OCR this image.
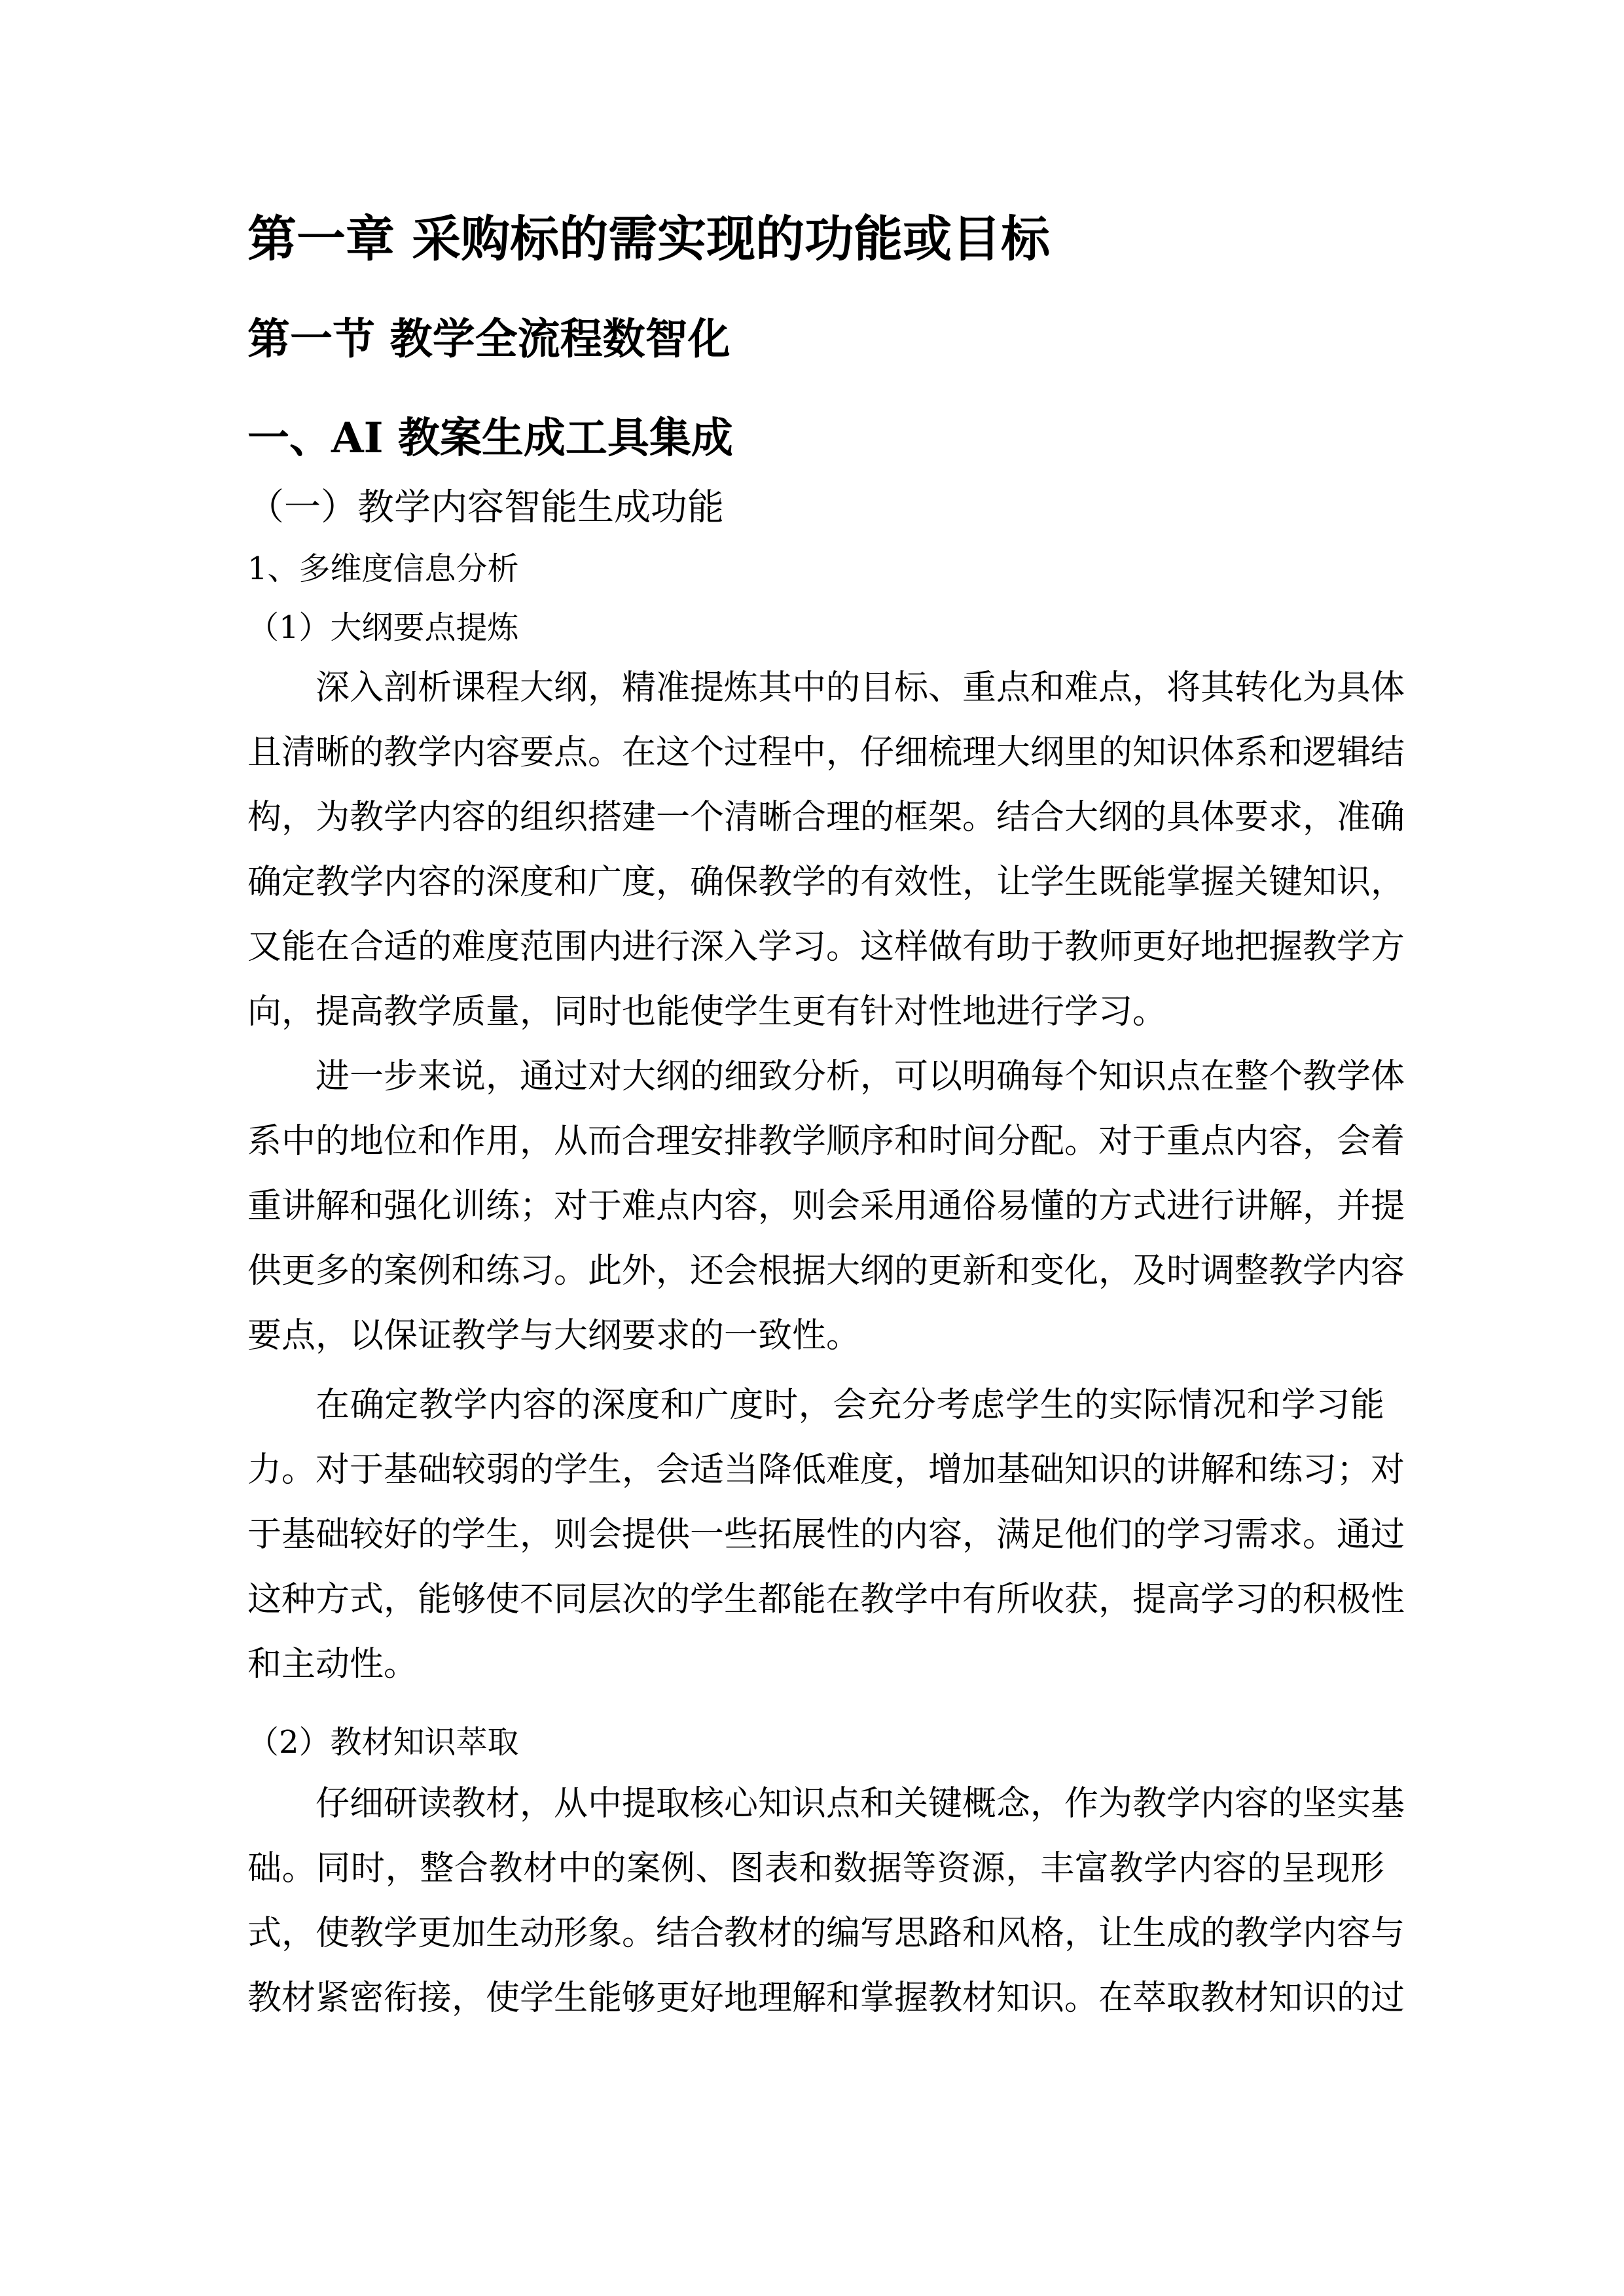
第一章 采购标的需实现的功能或目标
第一节 教学全流程数智化
一、AI 教案生成工具集成
（一）教学内容智能生成功能
1、多维度信息分析
（1）大纲要点提炼
深入剖析课程大纲，精准提炼其中的目标、重点和难点，将其转化为具体
且清晰的教学内容要点。在这个过程中，仔细梳理大纲里的知识体系和逻辑结
构，为教学内容的组织搭建一个清晰合理的框架。结合大纲的具体要求，准确
确定教学内容的深度和广度，确保教学的有效性，让学生既能掌握关键知识，
又能在合适的难度范围内进行深入学习。这样做有助于教师更好地把握教学方
向，提高教学质量，同时也能使学生更有针对性地进行学习。
进一步来说，通过对大纲的细致分析，可以明确每个知识点在整个教学体
系中的地位和作用，从而合理安排教学顺序和时间分配。对于重点内容，会着
重讲解和强化训练；对于难点内容，则会采用通俗易懂的方式进行讲解，并提
供更多的案例和练习。此外，还会根据大纲的更新和变化，及时调整教学内容
要点，以保证教学与大纲要求的一致性。
在确定教学内容的深度和广度时，会充分考虑学生的实际情况和学习能
力。对于基础较弱的学生，会适当降低难度，增加基础知识的讲解和练习；对
于基础较好的学生，则会提供一些拓展性的内容，满足他们的学习需求。通过
这种方式，能够使不同层次的学生都能在教学中有所收获，提高学习的积极性
和主动性。
（2）教材知识萃取
仔细研读教材，从中提取核心知识点和关键概念，作为教学内容的坚实基
础。同时，整合教材中的案例、图表和数据等资源，丰富教学内容的呈现形
式，使教学更加生动形象。结合教材的编写思路和风格，让生成的教学内容与
教材紧密衔接，使学生能够更好地理解和掌握教材知识。在萃取教材知识的过
